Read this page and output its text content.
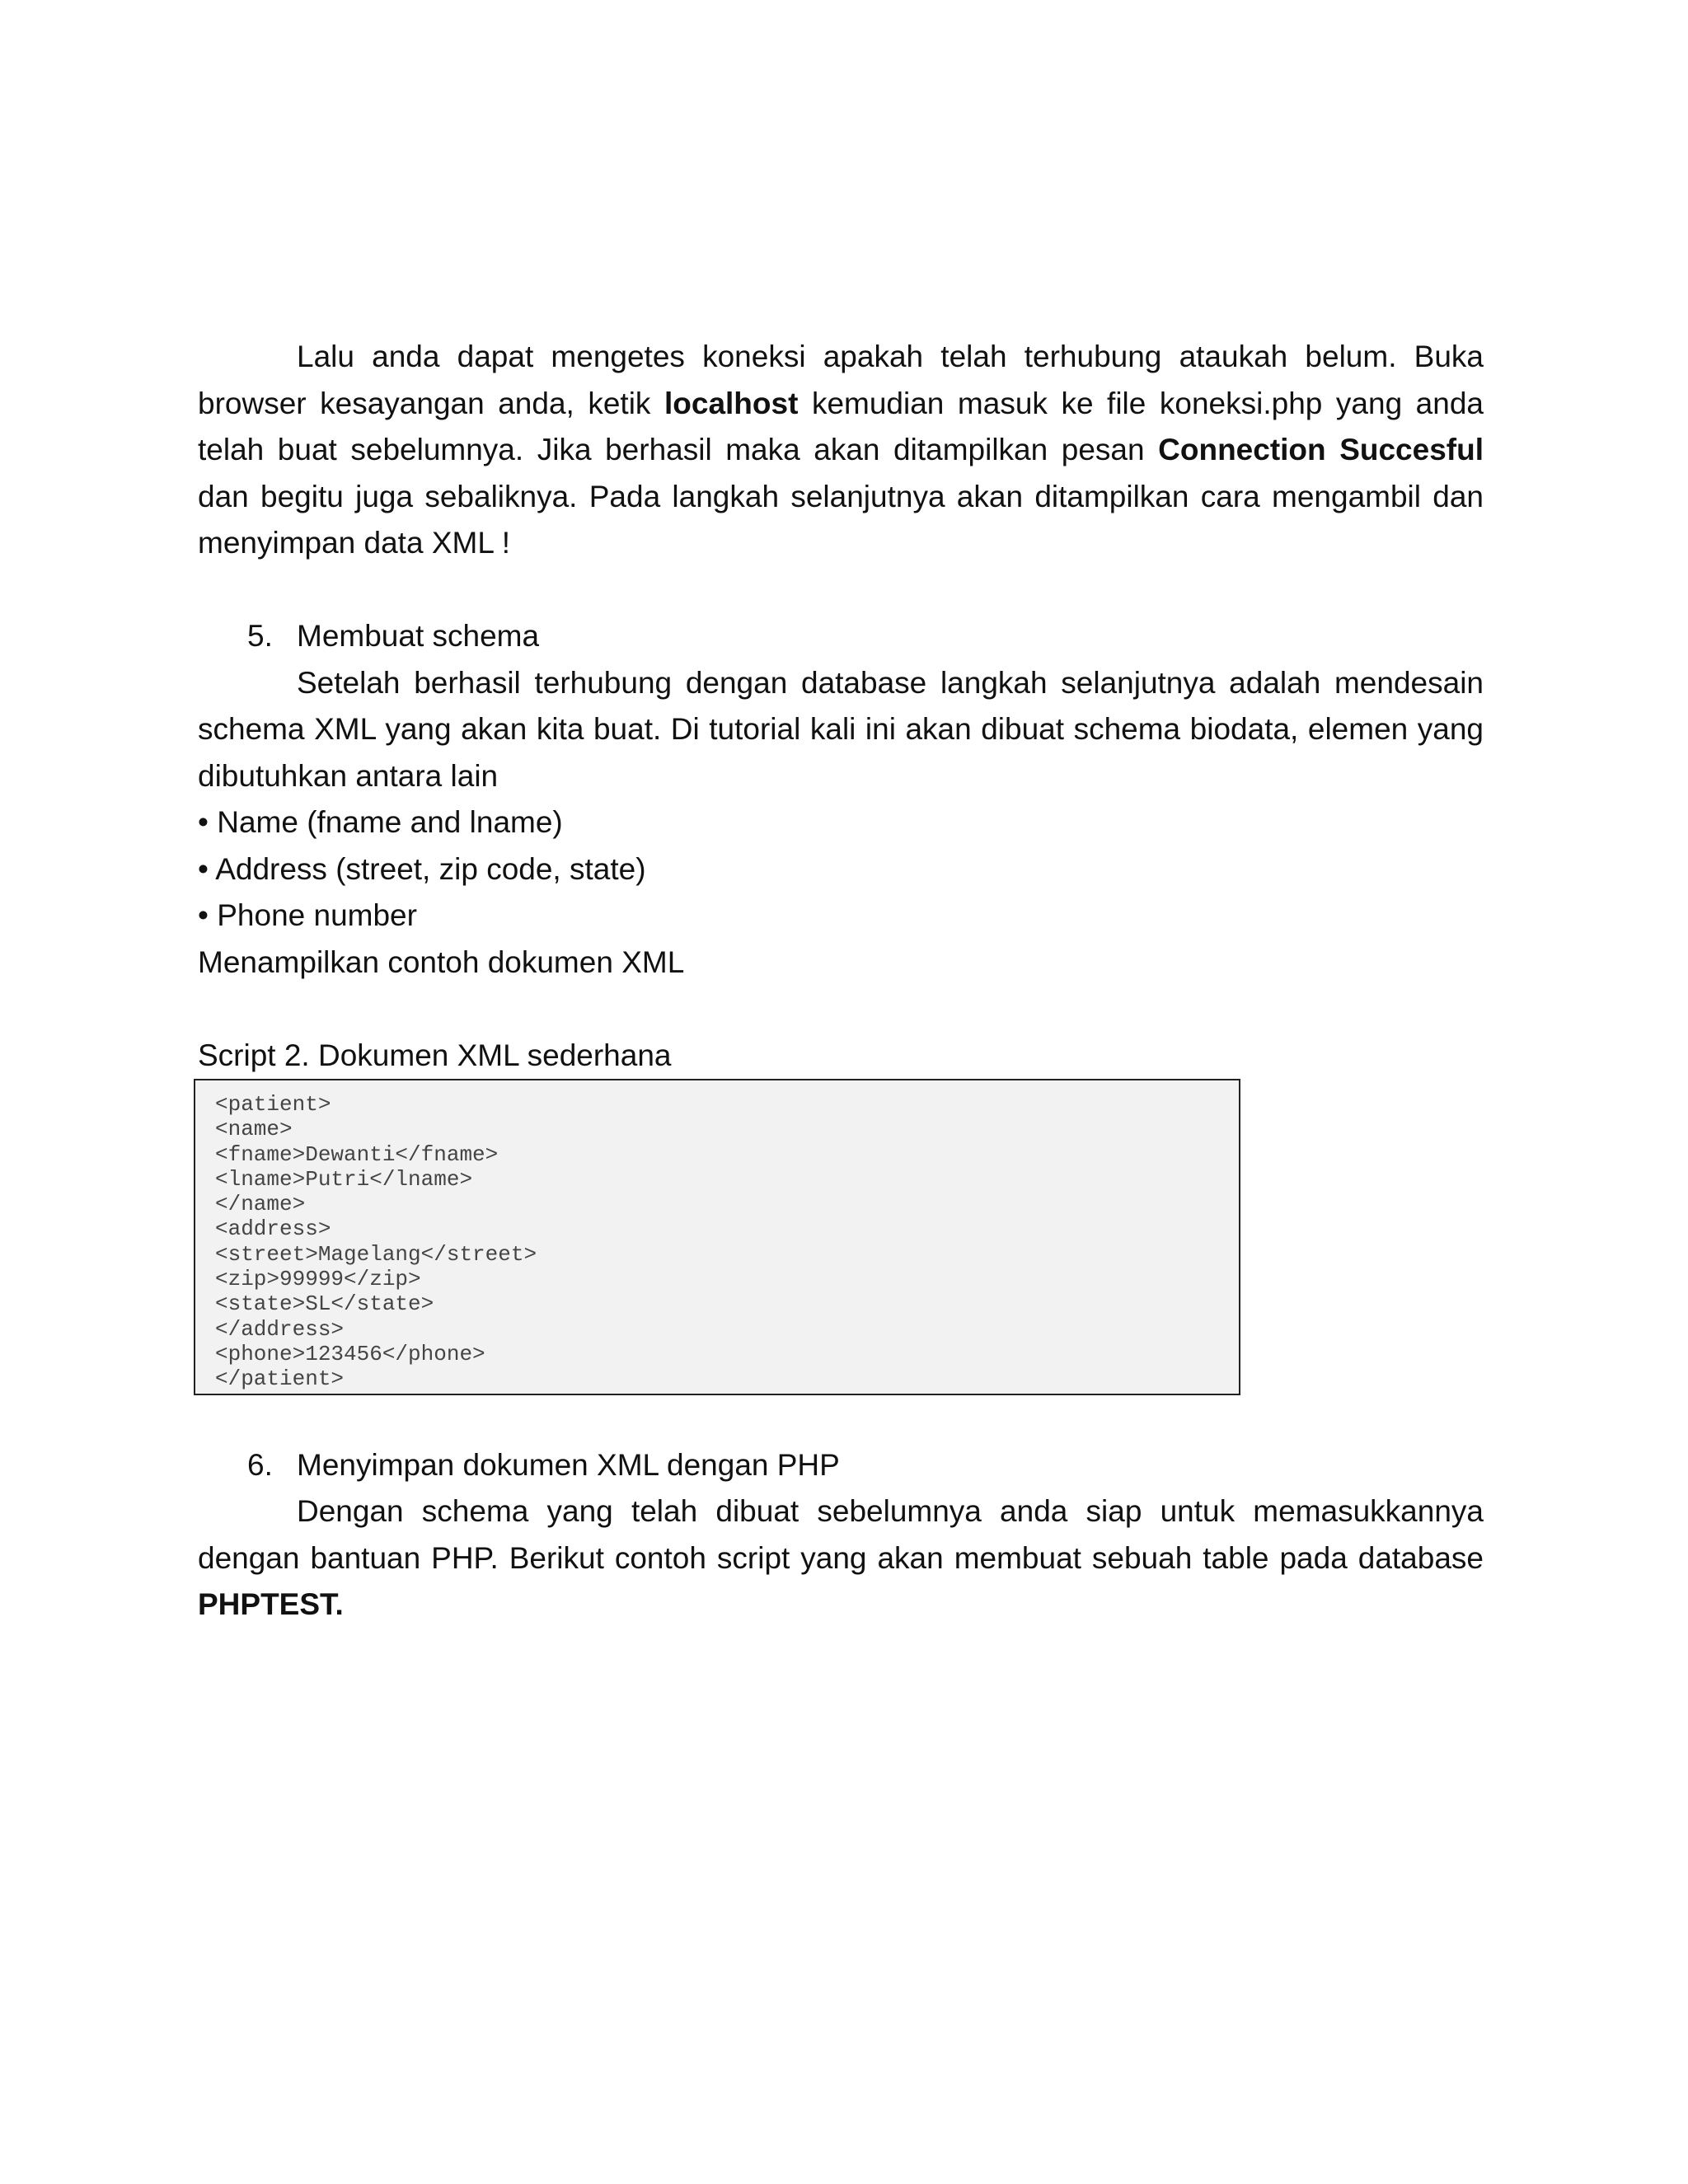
Lalu anda dapat mengetes koneksi apakah telah terhubung ataukah belum. Buka browser kesayangan anda, ketik localhost kemudian masuk ke file koneksi.php yang anda telah buat sebelumnya. Jika berhasil maka akan ditampilkan pesan Connection Succesful dan begitu juga sebaliknya. Pada langkah selanjutnya akan ditampilkan cara mengambil dan menyimpan data XML !

5. Membuat schema

Setelah berhasil terhubung dengan database langkah selanjutnya adalah mendesain schema XML yang akan kita buat. Di tutorial kali ini akan dibuat schema biodata, elemen yang dibutuhkan antara lain

• Name (fname and lname)

• Address (street, zip code, state)

• Phone number

Menampilkan contoh dokumen XML

Script 2. Dokumen XML sederhana

<patient>

<name>

<fname>Dewanti</fname>

<lname>Putri</lname>

</name>

<address>

<street>Magelang</street>

<zip>99999</zip>

<state>SL</state>

</address>

<phone>123456</phone>

</patient>

6. Menyimpan dokumen XML dengan PHP

Dengan schema yang telah dibuat sebelumnya anda siap untuk memasukkannya dengan bantuan PHP. Berikut contoh script yang akan membuat sebuah table pada database PHPTEST.
